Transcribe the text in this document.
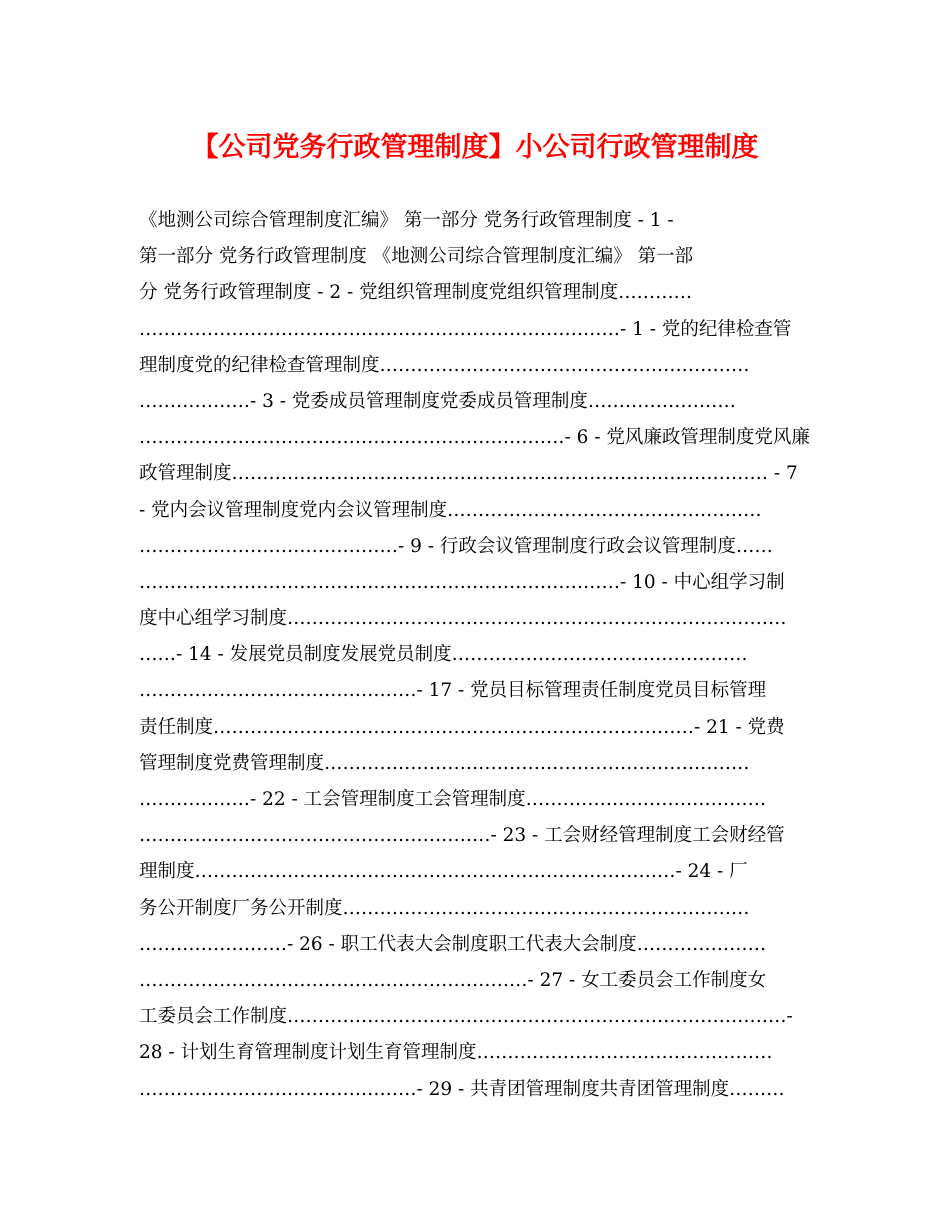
【公司党务行政管理制度】小公司行政管理制度
《地测公司综合管理制度汇编》 第一部分 党务行政管理制度 - 1 -
第一部分 党务行政管理制度 《地测公司综合管理制度汇编》 第一部
分 党务行政管理制度 - 2 - 党组织管理制度党组织管理制度…………
……………………………………………………………………- 1 - 党的纪律检查管
理制度党的纪律检查管理制度……………………………………………………
………………- 3 - 党委成员管理制度党委成员管理制度……………………
……………………………………………………………- 6 - 党风廉政管理制度党风廉
政管理制度…………………………………………………………………………… - 7
- 党内会议管理制度党内会议管理制度……………………………………………
……………………………………- 9 - 行政会议管理制度行政会议管理制度……
……………………………………………………………………- 10 - 中心组学习制
度中心组学习制度………………………………………………………………………
……- 14 - 发展党员制度发展党员制度…………………………………………
………………………………………- 17 - 党员目标管理责任制度党员目标管理
责任制度……………………………………………………………………- 21 - 党费
管理制度党费管理制度……………………………………………………………
………………- 22 - 工会管理制度工会管理制度…………………………………
…………………………………………………- 23 - 工会财经管理制度工会财经管
理制度……………………………………………………………………- 24 - 厂
务公开制度厂务公开制度…………………………………………………………
……………………- 26 - 职工代表大会制度职工代表大会制度…………………
………………………………………………………- 27 - 女工委员会工作制度女
工委员会工作制度………………………………………………………………………-
28 - 计划生育管理制度计划生育管理制度…………………………………………
………………………………………- 29 - 共青团管理制度共青团管理制度………
